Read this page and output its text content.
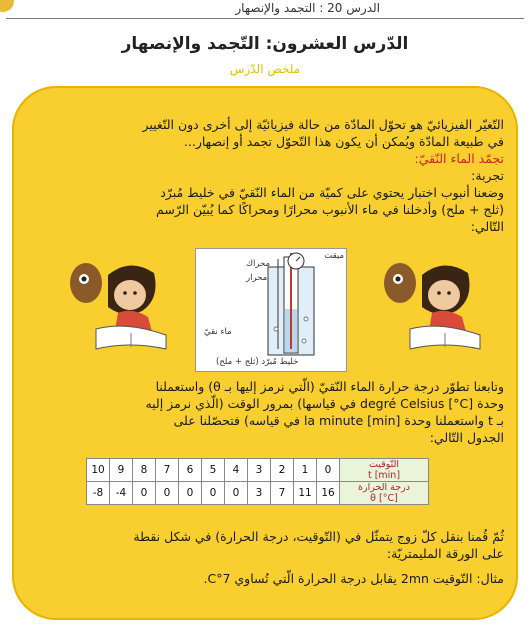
الدرس 20 : التجمد والإنصهار
الدّرس العشرون: التّجمد والإنصهار
ملخص الدّرس
التّغيّر الفيزيائيّ هو تحوّل المادّة من حالة فيزيائيّة إلى أخرى دون التّغيير
في طبيعة المادّة ويُمكن أن يكون هذا التّحوّل تجمد أو إنصهار...
تجمّد الماء النّقيّ:
تجربة:
وضعنا أنبوب اختبار يحتوي على كميّة من الماء النّقيّ في خليط مُبرّد
(ثلج + ملح) وأدخلنا في ماء الأنبوب محرارًا ومحراكًا كما يُبيّن الرّسم
التّالي:
ميقت
محراك
محرار
ماء نقيّ
خليط مُبرّد (ثلج + ملح)
وتابعنا تطوّر درجة حرارة الماء النّقيّ (الّتي نرمز إليها بـ θ) واستعملنا
وحدة degré Celsius [°C] في قياسها) بمرور الوقت (الّذي نرمز إليه
بـ t واستعملنا وحدة la minute [min] في قياسه) فتحصّلنا على
الجدول التّالي:
10	9	8	7	6	5	4	3	2	1	0	التّوقيت
t [min]

-8	-4	0	0	0	0	0	3	7	11	16	درجة الحرارة
θ [°C]
ثُمّ قُمنا بنقل كلّ زوج يتمثّل في (التّوقيت، درجة الحرارة) في شكل نقطة
على الورقة المليمتريّة:
مثال: التّوقيت 2mn يقابل درجة الحرارة الّتي تُساوي 7°C.
